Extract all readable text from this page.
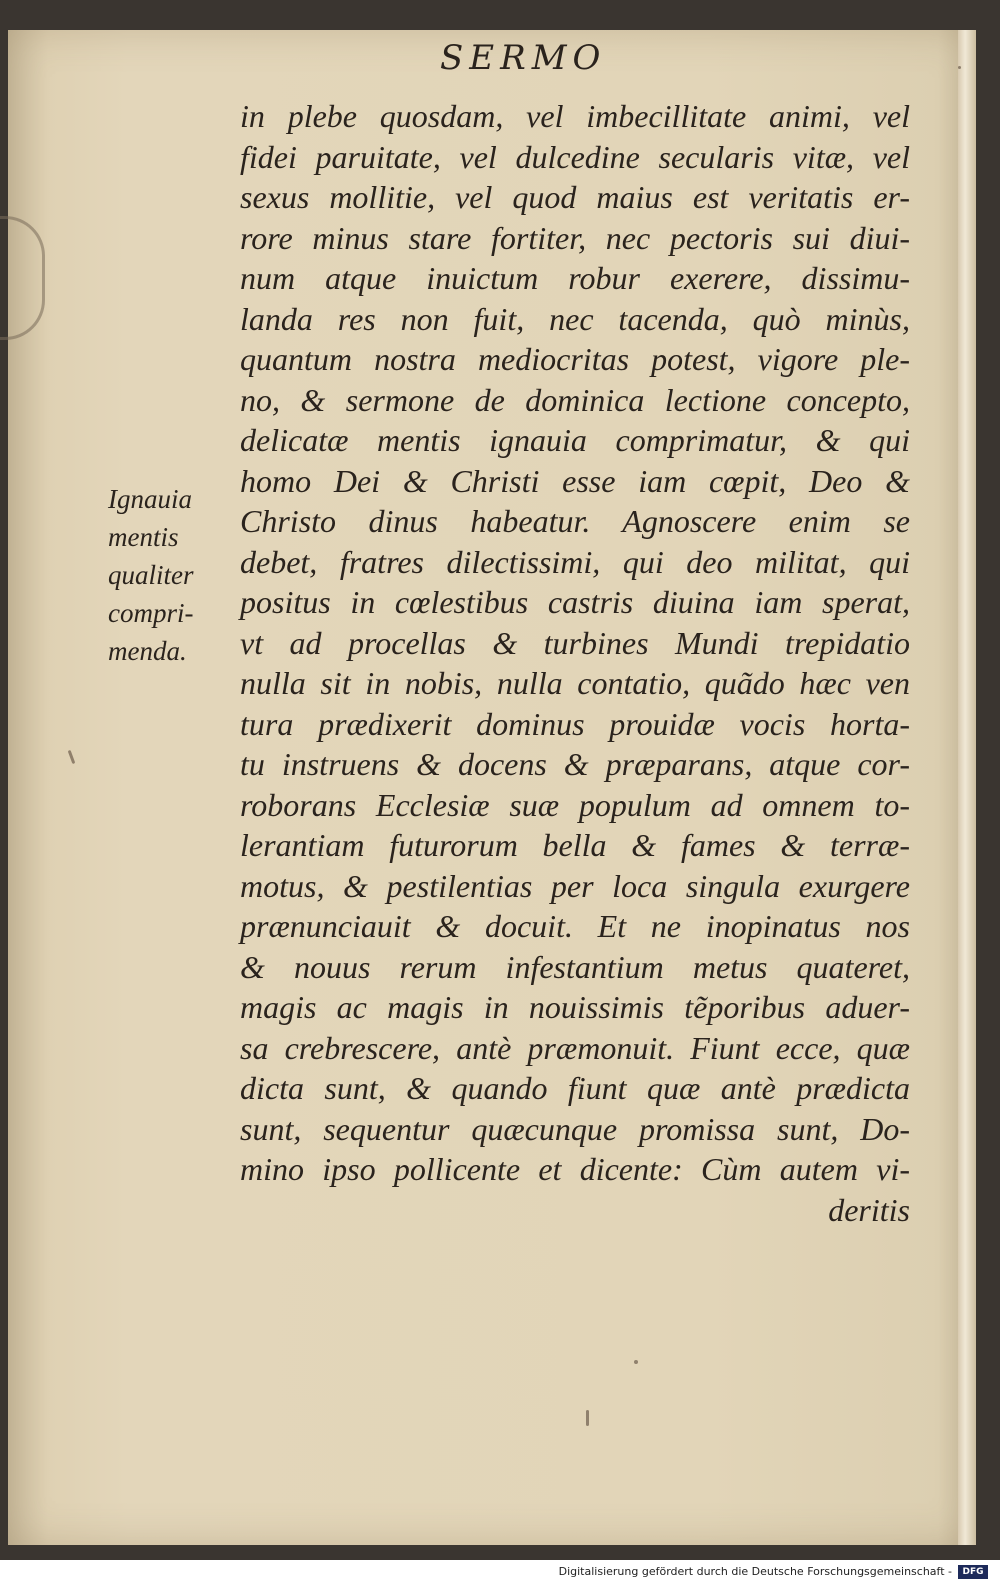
SERMO
in plebe quosdam, vel imbecillitate animi, vel
fidei paruitate, vel dulcedine secularis vitæ, vel
sexus mollitie, vel quod maius est veritatis er-
rore minus stare fortiter, nec pectoris sui diui-
num atque inuictum robur exerere, dissimu-
landa res non fuit, nec tacenda, quò minùs,
quantum nostra mediocritas potest, vigore ple-
no, & sermone de dominica lectione concepto,
delicatæ mentis ignauia comprimatur, & qui
homo Dei & Christi esse iam cœpit, Deo &
Christo dinus habeatur. Agnoscere enim se
debet, fratres dilectissimi, qui deo militat, qui
positus in cœlestibus castris diuina iam sperat,
vt ad procellas & turbines Mundi trepidatio
nulla sit in nobis, nulla contatio, quãdo hæc ven
tura prædixerit dominus prouidæ vocis horta-
tu instruens & docens & præparans, atque cor-
roborans Ecclesiæ suæ populum ad omnem to-
lerantiam futurorum bella & fames & terræ-
motus, & pestilentias per loca singula exurgere
prænunciauit & docuit. Et ne inopinatus nos
& nouus rerum infestantium metus quateret,
magis ac magis in nouissimis tẽporibus aduer-
sa crebrescere, antè præmonuit. Fiunt ecce, quæ
dicta sunt, & quando fiunt quæ antè prædicta
sunt, sequentur quæcunque promissa sunt, Do-
mino ipso pollicente et dicente: Cùm autem vi-
deritis
Ignauia
mentis
qualiter
compri-
menda.
Digitalisierung gefördert durch die Deutsche Forschungsgemeinschaft -	DFG
